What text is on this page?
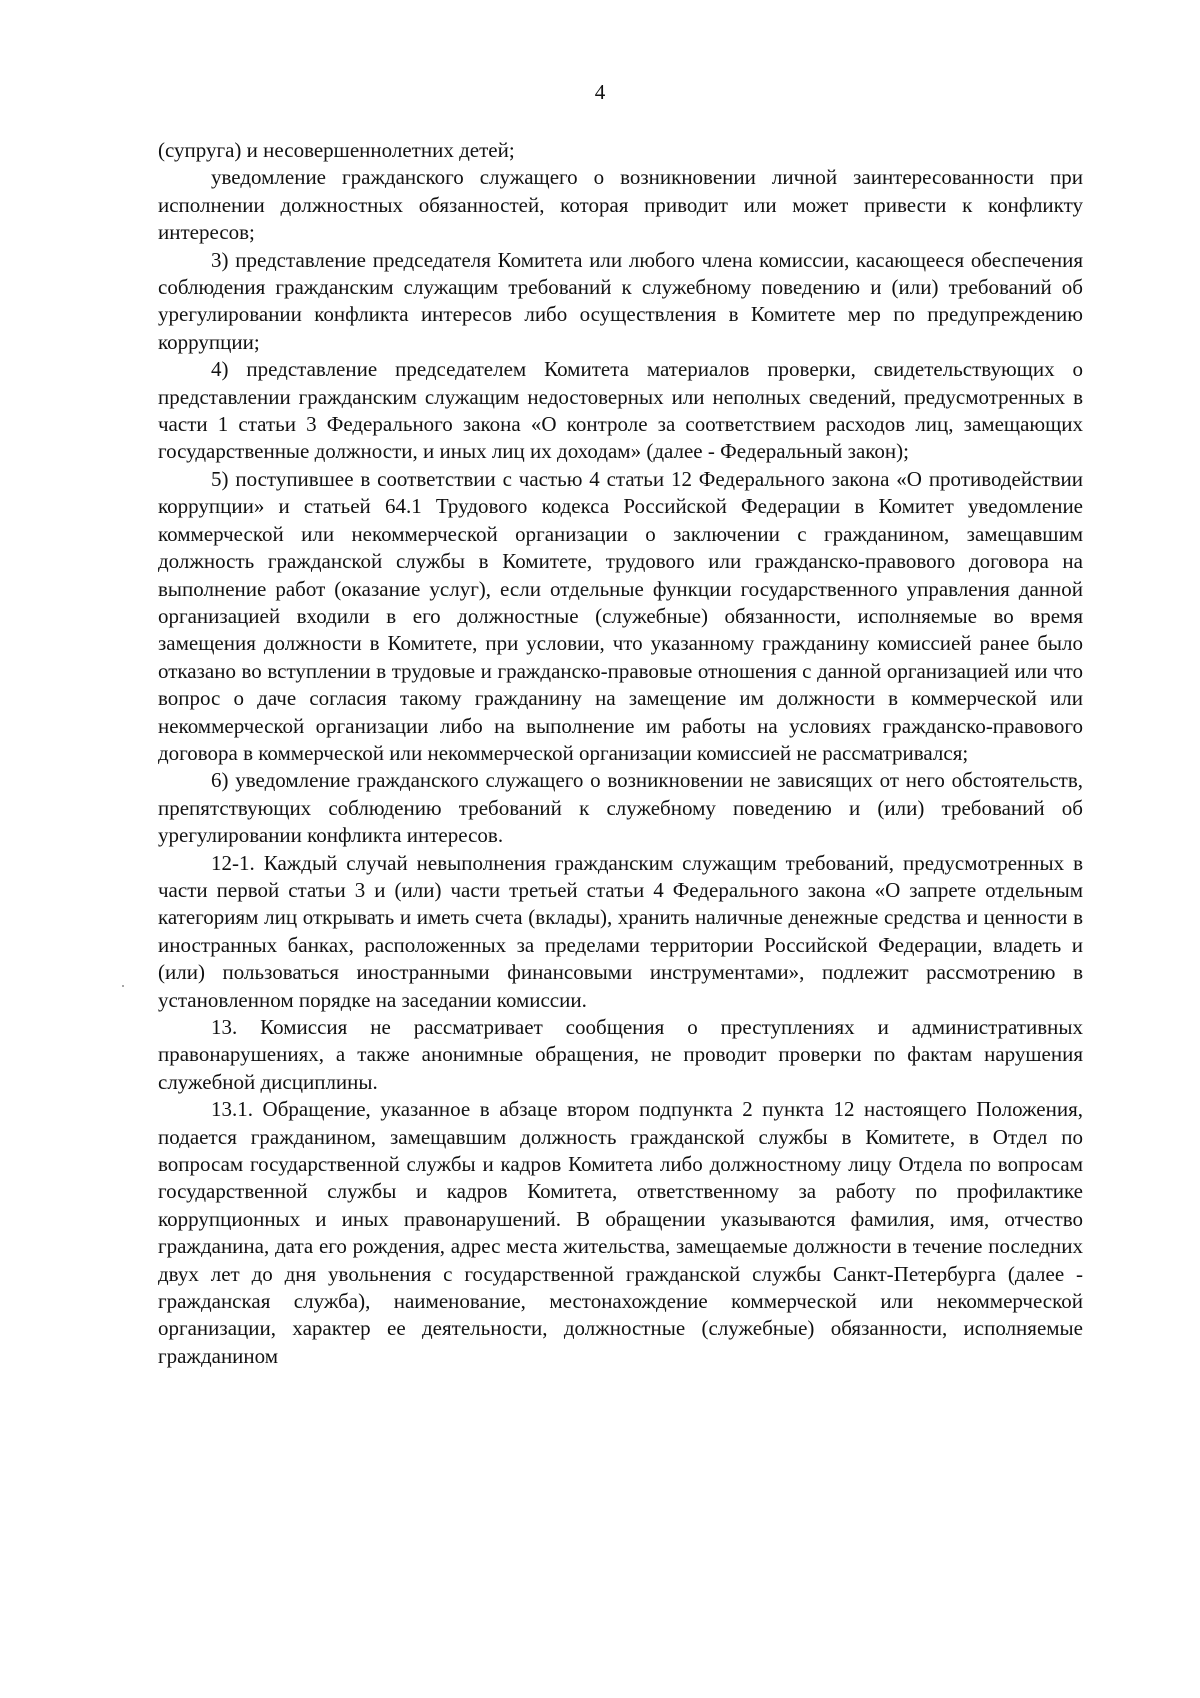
4

(супруга) и несовершеннолетних детей;

уведомление гражданского служащего о возникновении личной заинтересованности при исполнении должностных обязанностей, которая приводит или может привести к конфликту интересов;

3) представление председателя Комитета или любого члена комиссии, касающееся обеспечения соблюдения гражданским служащим требований к служебному поведению и (или) требований об урегулировании конфликта интересов либо осуществления в Комитете мер по предупреждению коррупции;

4) представление председателем Комитета материалов проверки, свидетельствующих о представлении гражданским служащим недостоверных или неполных сведений, предусмотренных в части 1 статьи 3 Федерального закона «О контроле за соответствием расходов лиц, замещающих государственные должности, и иных лиц их доходам» (далее - Федеральный закон);

5) поступившее в соответствии с частью 4 статьи 12 Федерального закона «О противодействии коррупции» и статьей 64.1 Трудового кодекса Российской Федерации в Комитет уведомление коммерческой или некоммерческой организации о заключении с гражданином, замещавшим должность гражданской службы в Комитете, трудового или гражданско-правового договора на выполнение работ (оказание услуг), если отдельные функции государственного управления данной организацией входили в его должностные (служебные) обязанности, исполняемые во время замещения должности в Комитете, при условии, что указанному гражданину комиссией ранее было отказано во вступлении в трудовые и гражданско-правовые отношения с данной организацией или что вопрос о даче согласия такому гражданину на замещение им должности в коммерческой или некоммерческой организации либо на выполнение им работы на условиях гражданско-правового договора в коммерческой или некоммерческой организации комиссией не рассматривался;

6) уведомление гражданского служащего о возникновении не зависящих от него обстоятельств, препятствующих соблюдению требований к служебному поведению и (или) требований об урегулировании конфликта интересов.

12-1. Каждый случай невыполнения гражданским служащим требований, предусмотренных в части первой статьи 3 и (или) части третьей статьи 4 Федерального закона «О запрете отдельным категориям лиц открывать и иметь счета (вклады), хранить наличные денежные средства и ценности в иностранных банках, расположенных за пределами территории Российской Федерации, владеть и (или) пользоваться иностранными финансовыми инструментами», подлежит рассмотрению в установленном порядке на заседании комиссии.

13. Комиссия не рассматривает сообщения о преступлениях и административных правонарушениях, а также анонимные обращения, не проводит проверки по фактам нарушения служебной дисциплины.

13.1. Обращение, указанное в абзаце втором подпункта 2 пункта 12 настоящего Положения, подается гражданином, замещавшим должность гражданской службы в Комитете, в Отдел по вопросам государственной службы и кадров Комитета либо должностному лицу Отдела по вопросам государственной службы и кадров Комитета, ответственному за работу по профилактике коррупционных и иных правонарушений. В обращении указываются фамилия, имя, отчество гражданина, дата его рождения, адрес места жительства, замещаемые должности в течение последних двух лет до дня увольнения с государственной гражданской службы Санкт-Петербурга (далее - гражданская служба), наименование, местонахождение коммерческой или некоммерческой организации, характер ее деятельности, должностные (служебные) обязанности, исполняемые гражданином
